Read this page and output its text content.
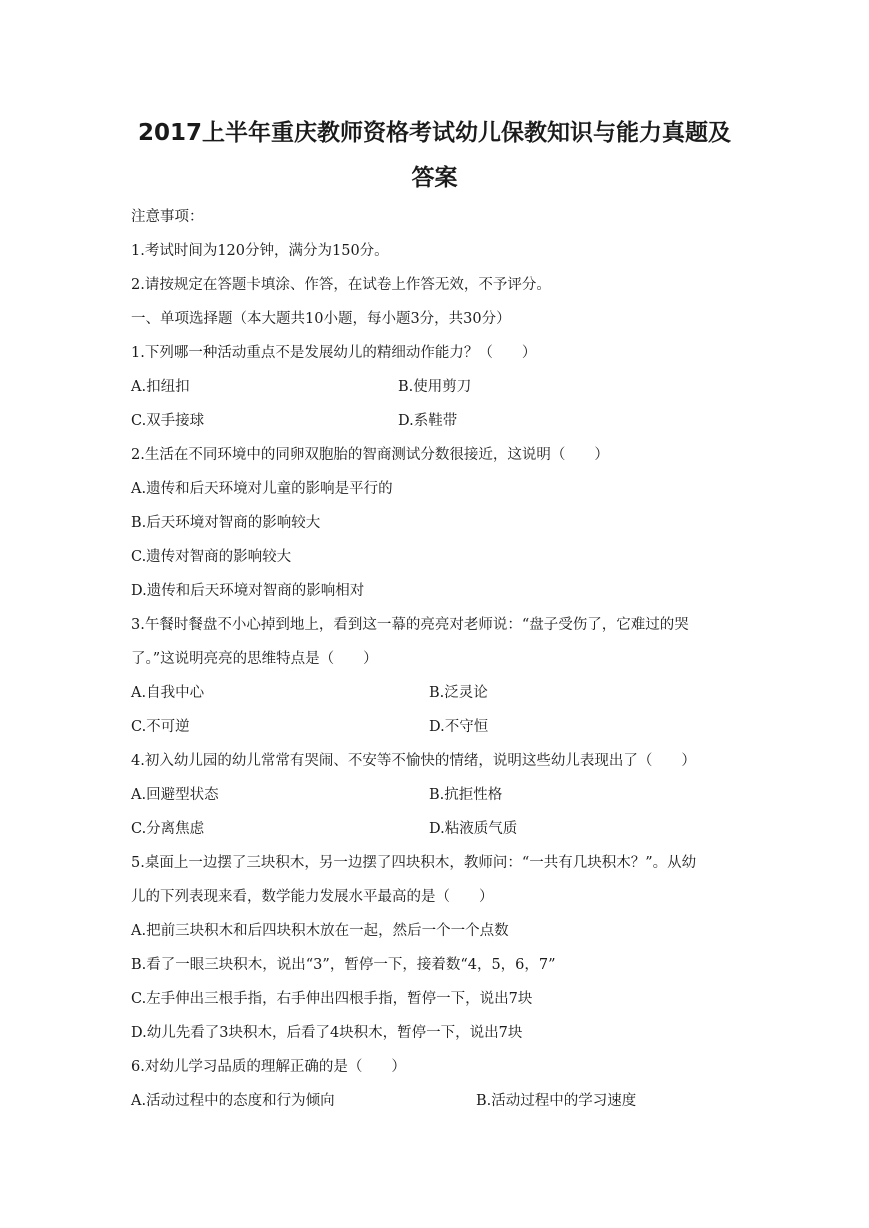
2017上半年重庆教师资格考试幼儿保教知识与能力真题及
答案
注意事项：
1.考试时间为120分钟，满分为150分。
2.请按规定在答题卡填涂、作答，在试卷上作答无效，不予评分。
一、单项选择题（本大题共10小题，每小题3分，共30分）
1.下列哪一种活动重点不是发展幼儿的精细动作能力？（　　）
A.扣纽扣	B.使用剪刀
C.双手接球	D.系鞋带
2.生活在不同环境中的同卵双胞胎的智商测试分数很接近，这说明（　　）
A.遗传和后天环境对儿童的影响是平行的
B.后天环境对智商的影响较大
C.遗传对智商的影响较大
D.遗传和后天环境对智商的影响相对
3.午餐时餐盘不小心掉到地上，看到这一幕的亮亮对老师说：“盘子受伤了，它难过的哭
了。”这说明亮亮的思维特点是（　　）
A.自我中心	B.泛灵论
C.不可逆	D.不守恒
4.初入幼儿园的幼儿常常有哭闹、不安等不愉快的情绪，说明这些幼儿表现出了（　　）
A.回避型状态	B.抗拒性格
C.分离焦虑	D.粘液质气质
5.桌面上一边摆了三块积木，另一边摆了四块积木，教师问：“一共有几块积木？”。从幼
儿的下列表现来看，数学能力发展水平最高的是（　　）
A.把前三块积木和后四块积木放在一起，然后一个一个点数
B.看了一眼三块积木，说出“3”，暂停一下，接着数“4，5，6，7”
C.左手伸出三根手指，右手伸出四根手指，暂停一下，说出7块
D.幼儿先看了3块积木，后看了4块积木，暂停一下，说出7块
6.对幼儿学习品质的理解正确的是（　　）
A.活动过程中的态度和行为倾向	B.活动过程中的学习速度
